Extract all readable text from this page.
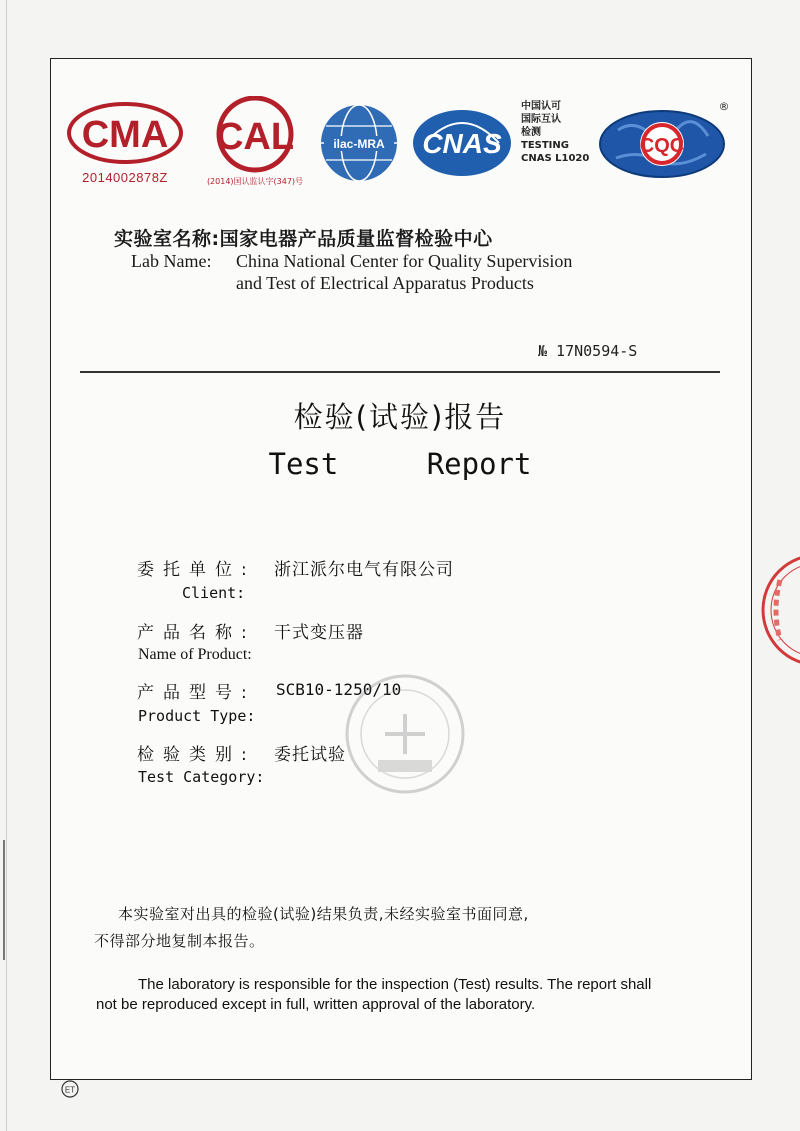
CMA
2014002878Z
CAL
(2014)国认监认字(347)号
ilac-MRA CNAS
中国认可
国际互认
检测
TESTING
CNAS L1020
CQC
®
实验室名称:国家电器产品质量监督检验中心
Lab Name: China National Center for Quality Supervision
and Test of Electrical Apparatus Products
№ 17N0594-S
检验(试验)报告
Test   Report
委托单位: 浙江派尔电气有限公司
Client:
产品名称: 干式变压器
Name of Product:
产品型号: SCB10-1250/10
Product Type:
检验类别: 委托试验
Test Category:
本实验室对出具的检验(试验)结果负责,未经实验室书面同意,
不得部分地复制本报告。
The laboratory is responsible for the inspection (Test) results. The report shall
not be reproduced except in full, written approval of the laboratory.
ET
